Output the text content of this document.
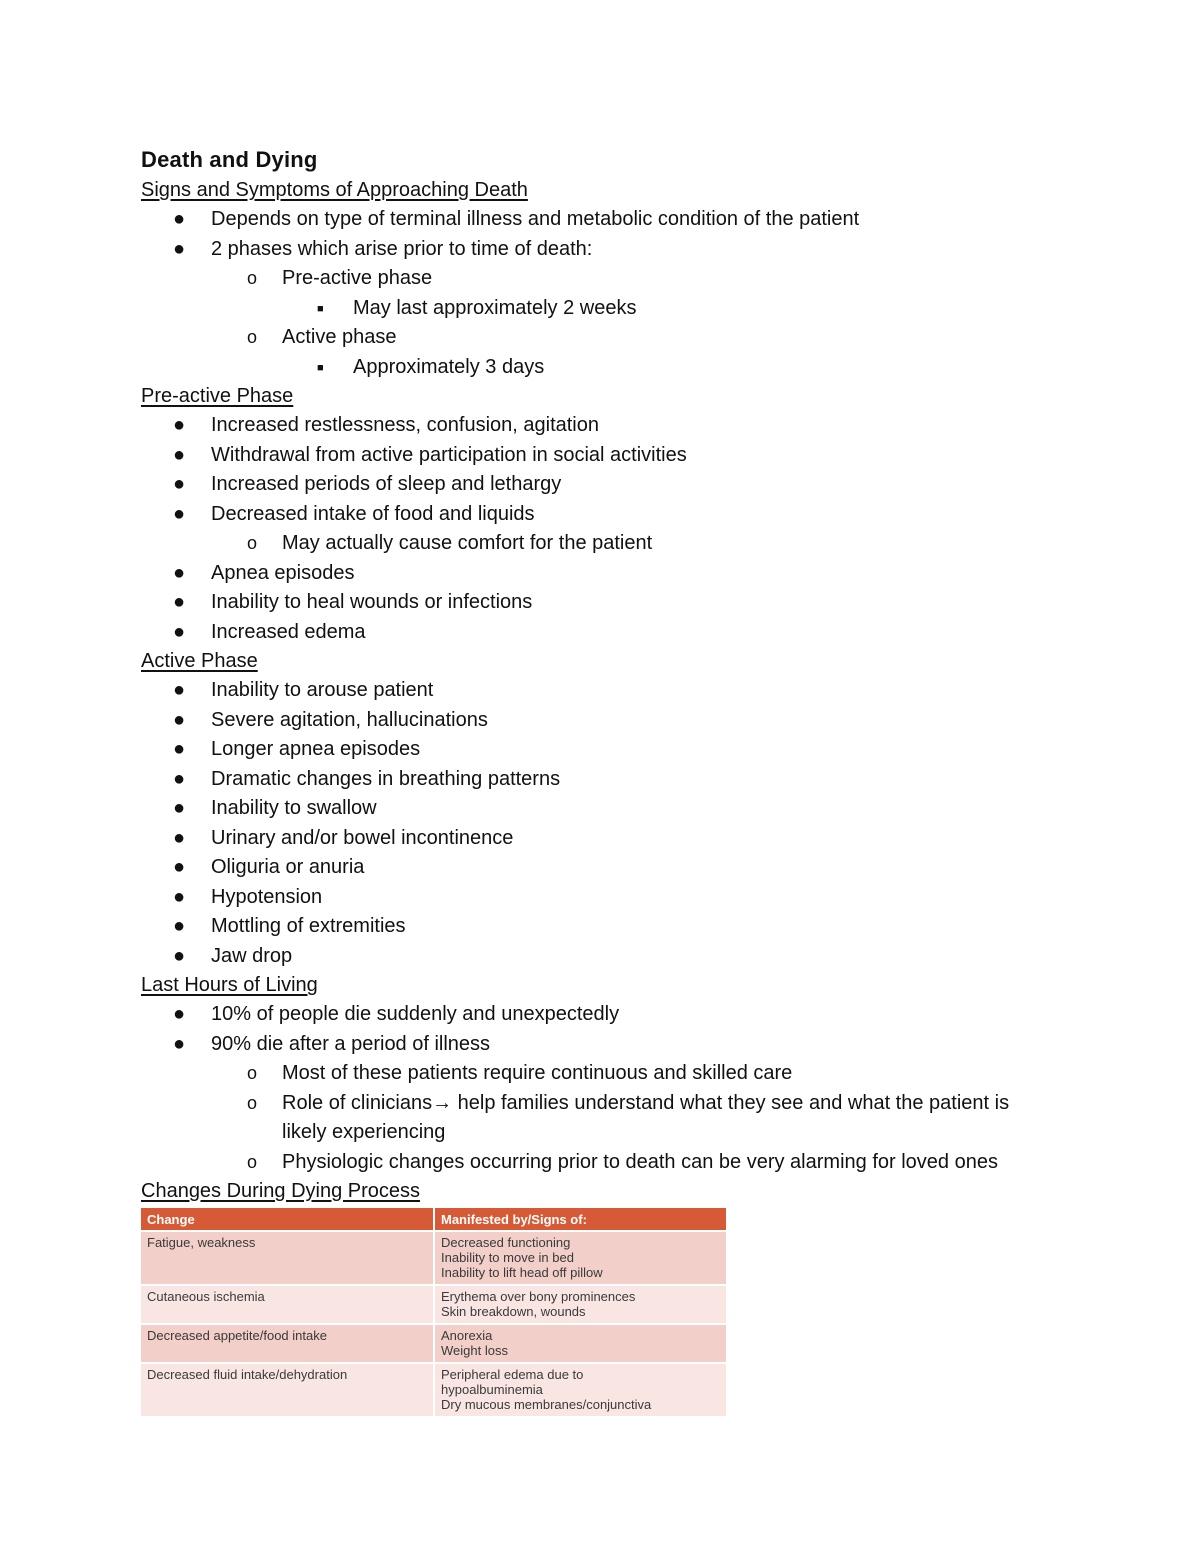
Death and Dying
Signs and Symptoms of Approaching Death
● Depends on type of terminal illness and metabolic condition of the patient
● 2 phases which arise prior to time of death:
o Pre-active phase
■ May last approximately 2 weeks
o Active phase
■ Approximately 3 days
Pre-active Phase
● Increased restlessness, confusion, agitation
● Withdrawal from active participation in social activities
● Increased periods of sleep and lethargy
● Decreased intake of food and liquids
o May actually cause comfort for the patient
● Apnea episodes
● Inability to heal wounds or infections
● Increased edema
Active Phase
● Inability to arouse patient
● Severe agitation, hallucinations
● Longer apnea episodes
● Dramatic changes in breathing patterns
● Inability to swallow
● Urinary and/or bowel incontinence
● Oliguria or anuria
● Hypotension
● Mottling of extremities
● Jaw drop
Last Hours of Living
● 10% of people die suddenly and unexpectedly
● 90% die after a period of illness
o Most of these patients require continuous and skilled care
o Role of clinicians→ help families understand what they see and what the patient is likely experiencing
o Physiologic changes occurring prior to death can be very alarming for loved ones
Changes During Dying Process
Change	Manifested by/Signs of:
Fatigue, weakness	Decreased functioning
Inability to move in bed
Inability to lift head off pillow

Cutaneous ischemia	Erythema over bony prominences
Skin breakdown, wounds

Decreased appetite/food intake	Anorexia
Weight loss

Decreased fluid intake/dehydration	Peripheral edema due to
hypoalbuminemia
Dry mucous membranes/conjunctiva
